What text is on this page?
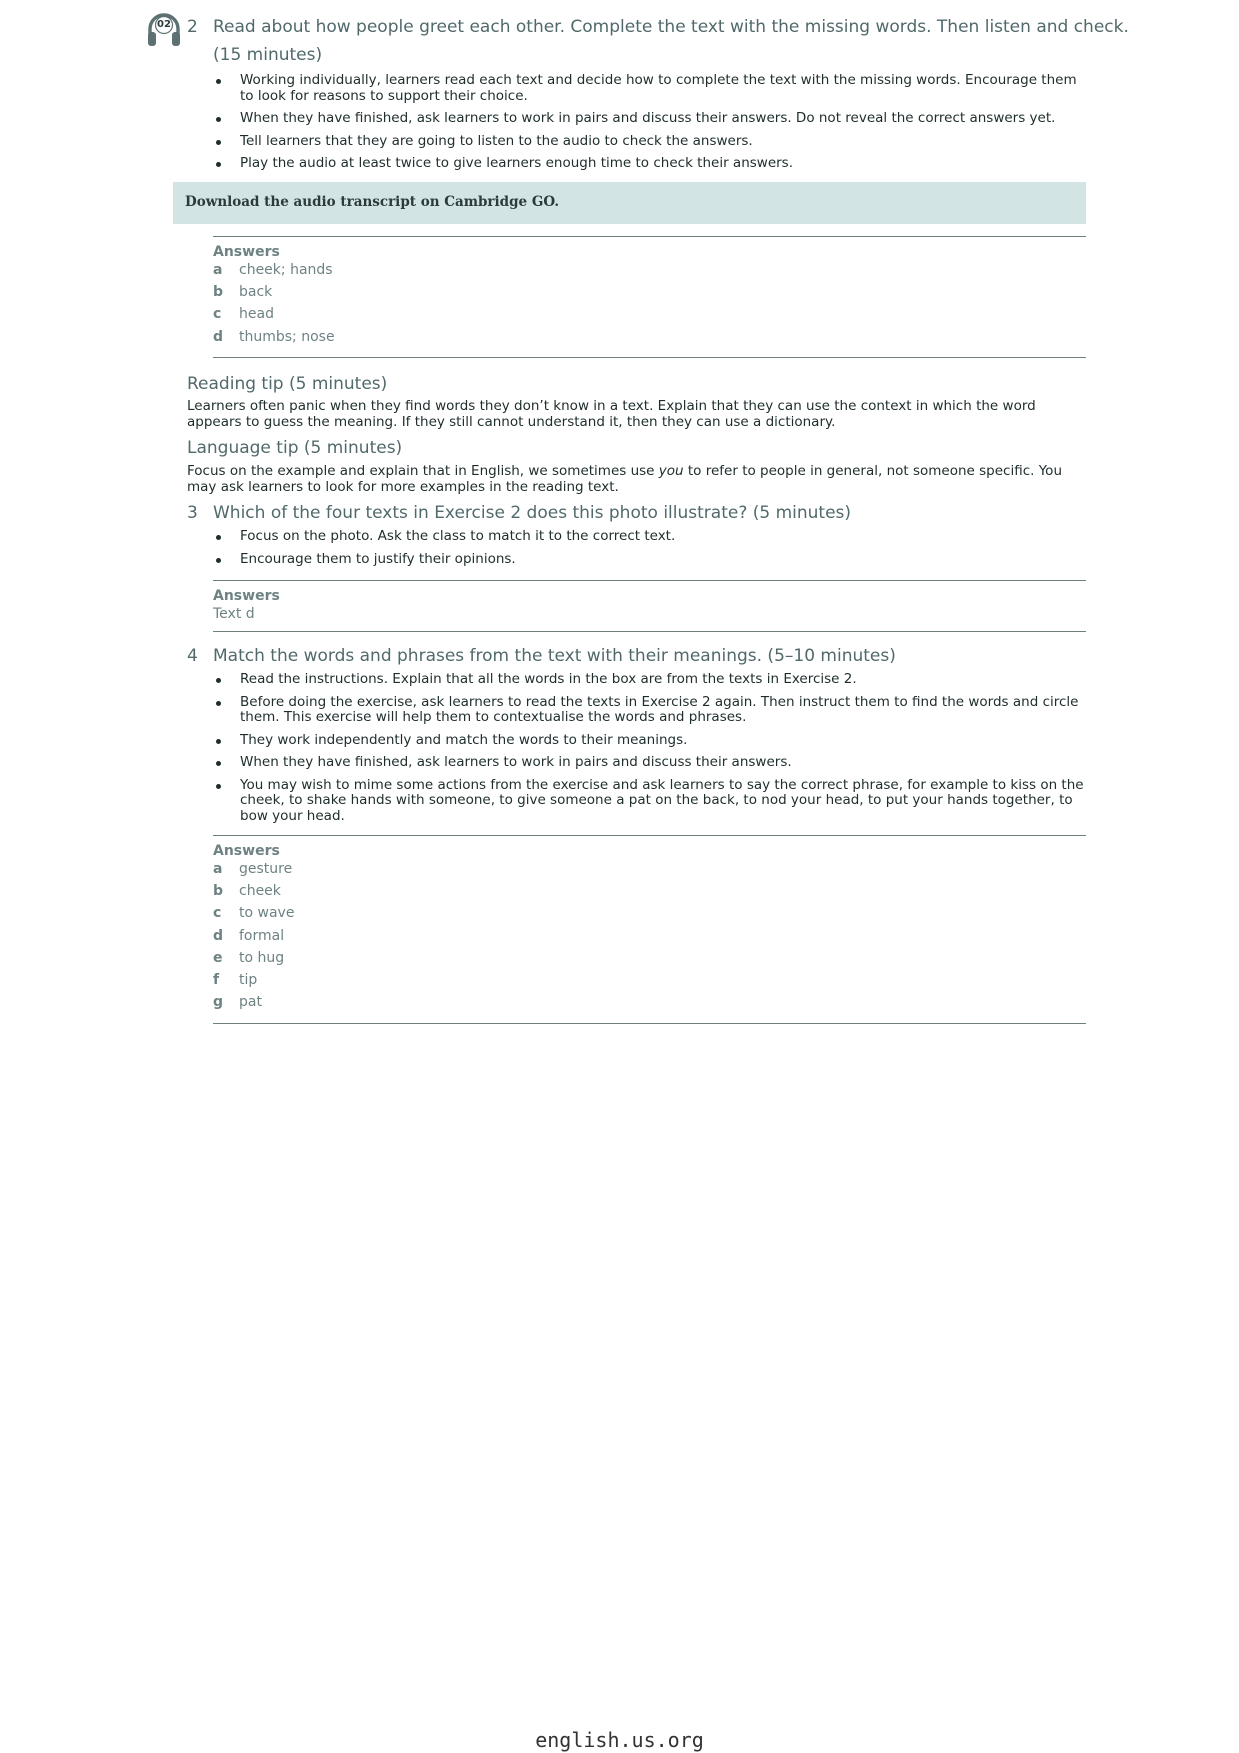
02 2 Read about how people greet each other. Complete the text with the missing words. Then listen and check.
(15 minutes)
Working individually, learners read each text and decide how to complete the text with the missing words. Encourage them to look for reasons to support their choice.
When they have finished, ask learners to work in pairs and discuss their answers. Do not reveal the correct answers yet.
Tell learners that they are going to listen to the audio to check the answers.
Play the audio at least twice to give learners enough time to check their answers.
Download the audio transcript on Cambridge GO.
Answers
a cheek; hands
b back
c head
d thumbs; nose
Reading tip (5 minutes)

Learners often panic when they find words they don’t know in a text. Explain that they can use the context in which the word appears to guess the meaning. If they still cannot understand it, then they can use a dictionary.

Language tip (5 minutes)

Focus on the example and explain that in English, we sometimes use you to refer to people in general, not someone specific. You may ask learners to look for more examples in the reading text.

3 Which of the four texts in Exercise 2 does this photo illustrate? (5 minutes)
Focus on the photo. Ask the class to match it to the correct text.
Encourage them to justify their opinions.
Answers
Text d
4 Match the words and phrases from the text with their meanings. (5–10 minutes)
Read the instructions. Explain that all the words in the box are from the texts in Exercise 2.
Before doing the exercise, ask learners to read the texts in Exercise 2 again. Then instruct them to find the words and circle them. This exercise will help them to contextualise the words and phrases.
They work independently and match the words to their meanings.
When they have finished, ask learners to work in pairs and discuss their answers.
You may wish to mime some actions from the exercise and ask learners to say the correct phrase, for example to kiss on the cheek, to shake hands with someone, to give someone a pat on the back, to nod your head, to put your hands together, to bow your head.
Answers
a gesture
b cheek
c to wave
d formal
e to hug
f tip
g pat
english.us.org
